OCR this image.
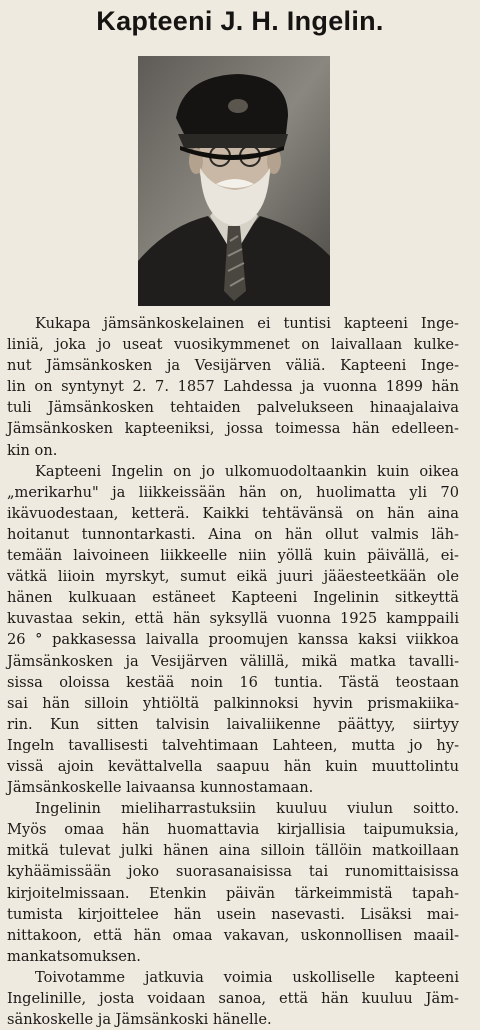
Kapteeni J. H. Ingelin.
Kukapa jämsänkoskelainen ei tuntisi kapteeni Inge-
liniä, joka jo useat vuosikymmenet on laivallaan kulke-
nut Jämsänkosken ja Vesijärven väliä. Kapteeni Inge-
lin on syntynyt 2. 7. 1857 Lahdessa ja vuonna 1899 hän
tuli Jämsänkosken tehtaiden palvelukseen hinaajalaiva
Jämsänkosken kapteeniksi, jossa toimessa hän edelleen-
kin on.
Kapteeni Ingelin on jo ulkomuodoltaankin kuin oikea
„merikarhu" ja liikkeissään hän on, huolimatta yli 70
ikävuodestaan, ketterä. Kaikki tehtävänsä on hän aina
hoitanut tunnontarkasti. Aina on hän ollut valmis läh-
temään laivoineen liikkeelle niin yöllä kuin päivällä, ei-
vätkä liioin myrskyt, sumut eikä juuri jääesteetkään ole
hänen kulkuaan estäneet Kapteeni Ingelinin sitkeyttä
kuvastaa sekin, että hän syksyllä vuonna 1925 kamppaili
26 ° pakkasessa laivalla proomujen kanssa kaksi viikkoa
Jämsänkosken ja Vesijärven välillä, mikä matka tavalli-
sissa oloissa kestää noin 16 tuntia. Tästä teostaan
sai hän silloin yhtiöltä palkinnoksi hyvin prismakiika-
rin. Kun sitten talvisin laivaliikenne päättyy, siirtyy
Ingeln tavallisesti talvehtimaan Lahteen, mutta jo hy-
vissä ajoin kevättalvella saapuu hän kuin muuttolintu
Jämsänkoskelle laivaansa kunnostamaan.
Ingelinin mieliharrastuksiin kuuluu viulun soitto.
Myös omaa hän huomattavia kirjallisia taipumuksia,
mitkä tulevat julki hänen aina silloin tällöin matkoillaan
kyhäämissään joko suorasanaisissa tai runomittaisissa
kirjoitelmissaan. Etenkin päivän tärkeimmistä tapah-
tumista kirjoittelee hän usein nasevasti. Lisäksi mai-
nittakoon, että hän omaa vakavan, uskonnollisen maail-
mankatsomuksen.
Toivotamme jatkuvia voimia uskolliselle kapteeni
Ingelinille, josta voidaan sanoa, että hän kuuluu Jäm-
sänkoskelle ja Jämsänkoski hänelle.
